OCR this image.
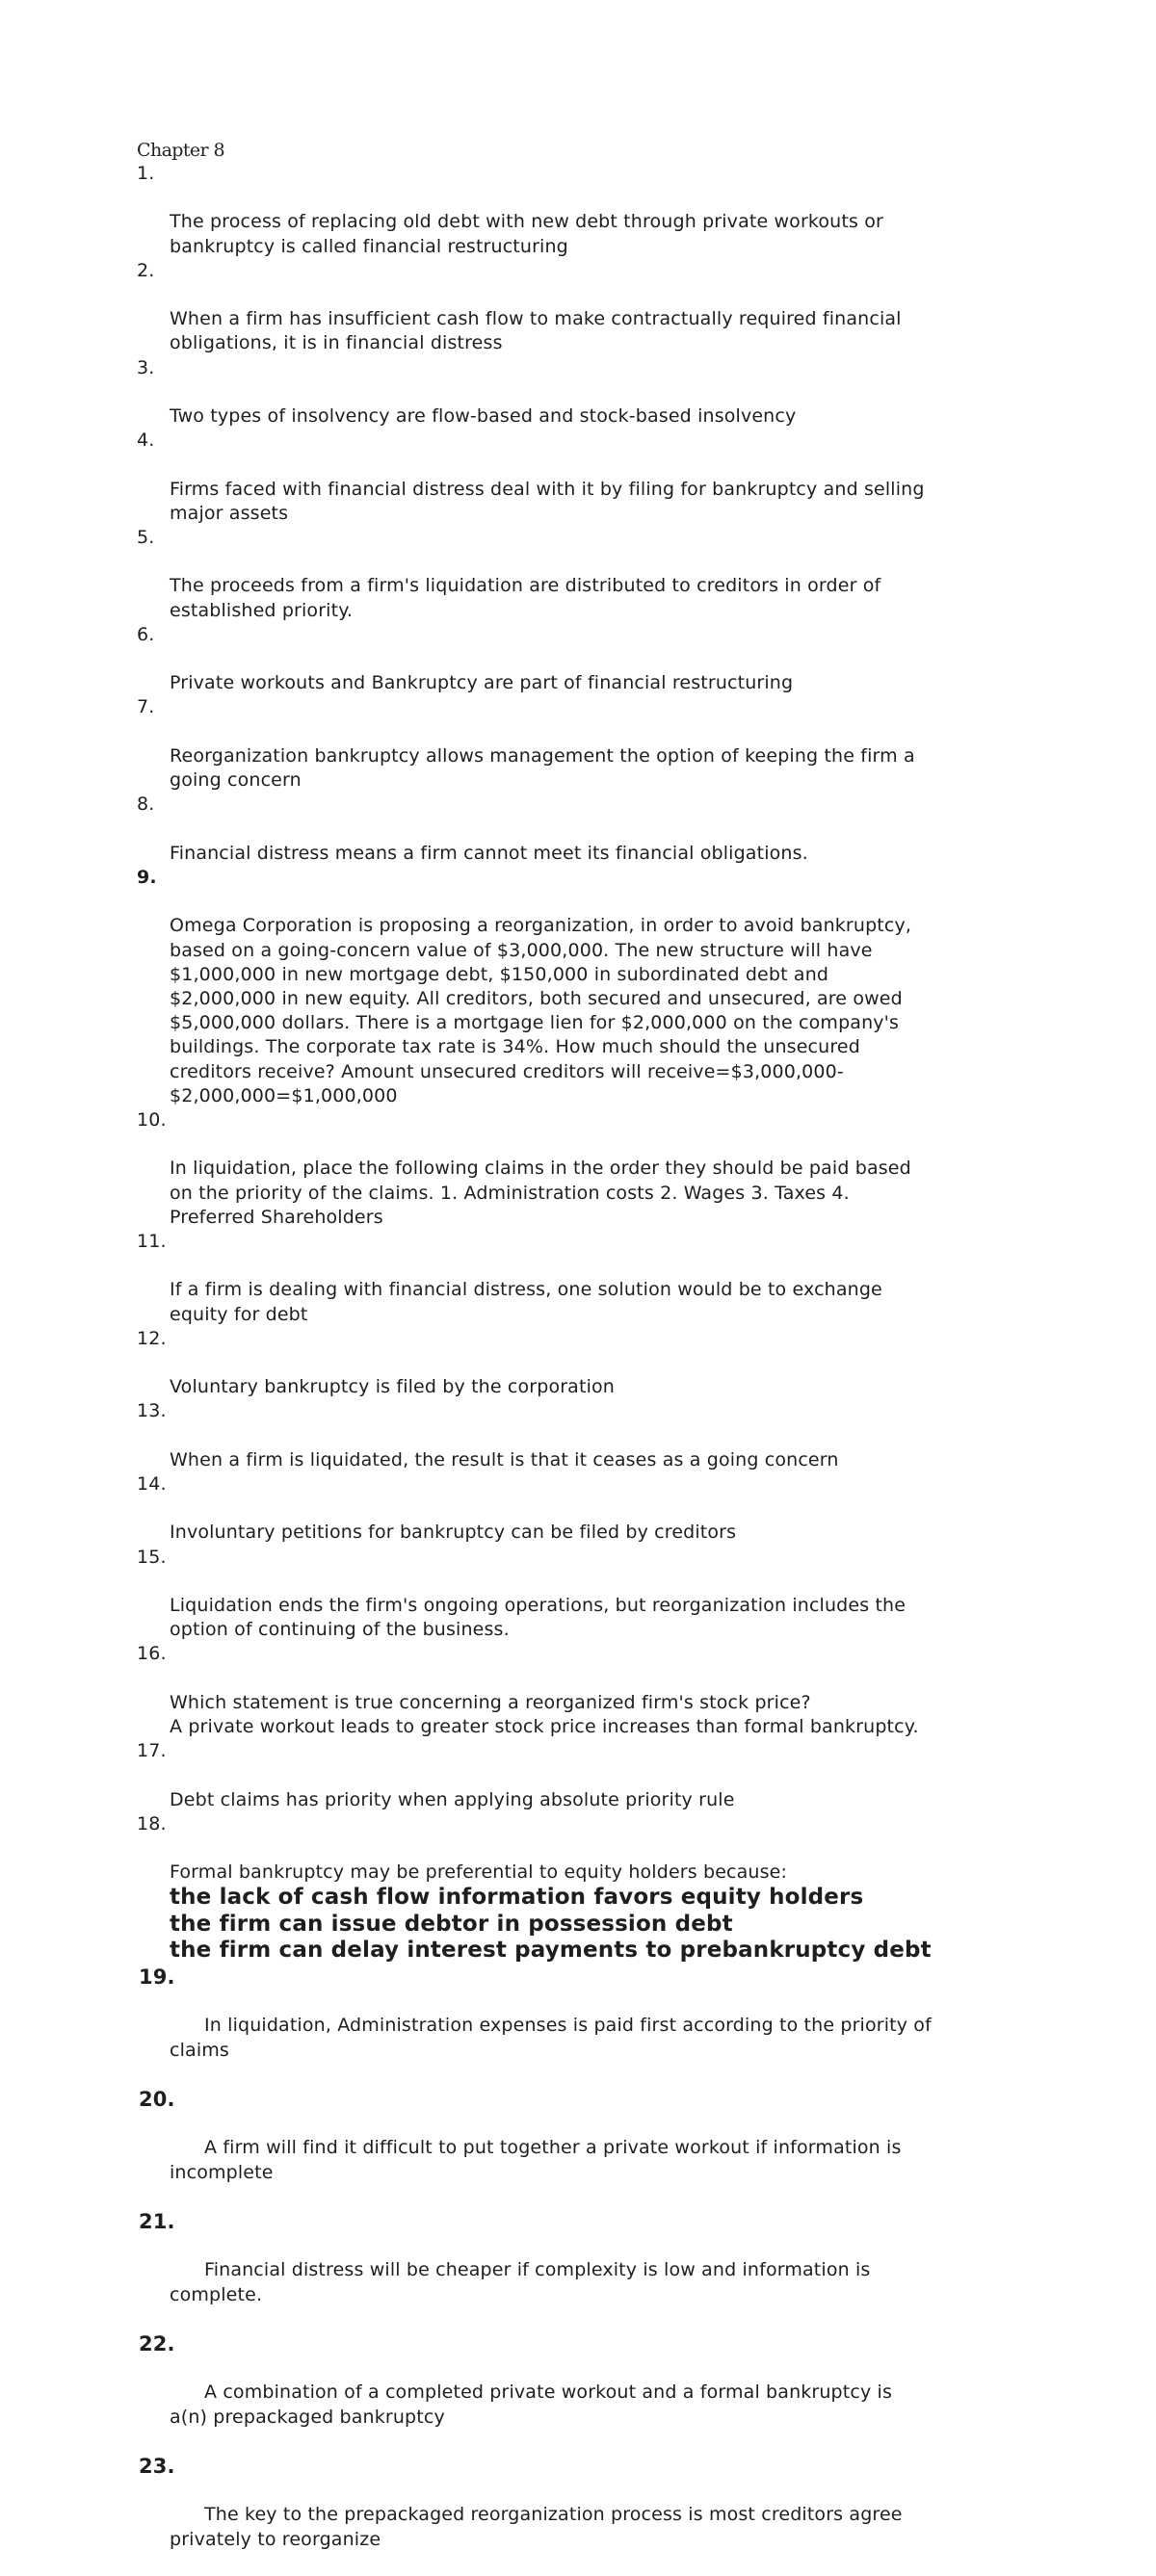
Chapter 8

1.

The process of replacing old debt with new debt through private workouts or
bankruptcy is called financial restructuring

2.

When a firm has insufficient cash flow to make contractually required financial
obligations, it is in financial distress

3.

Two types of insolvency are flow-based and stock-based insolvency

4.

Firms faced with financial distress deal with it by filing for bankruptcy and selling
major assets

5.

The proceeds from a firm's liquidation are distributed to creditors in order of
established priority.

6.

Private workouts and Bankruptcy are part of financial restructuring

7.

Reorganization bankruptcy allows management the option of keeping the firm a
going concern

8.

Financial distress means a firm cannot meet its financial obligations.

9.

Omega Corporation is proposing a reorganization, in order to avoid bankruptcy,
based on a going-concern value of $3,000,000. The new structure will have
$1,000,000 in new mortgage debt, $150,000 in subordinated debt and
$2,000,000 in new equity. All creditors, both secured and unsecured, are owed
$5,000,000 dollars. There is a mortgage lien for $2,000,000 on the company's
buildings. The corporate tax rate is 34%. How much should the unsecured
creditors receive? Amount unsecured creditors will receive=$3,000,000-
$2,000,000=$1,000,000

10.

In liquidation, place the following claims in the order they should be paid based
on the priority of the claims. 1. Administration costs 2. Wages 3. Taxes 4.
Preferred Shareholders

11.

If a firm is dealing with financial distress, one solution would be to exchange
equity for debt

12.

Voluntary bankruptcy is filed by the corporation

13.

When a firm is liquidated, the result is that it ceases as a going concern

14.

Involuntary petitions for bankruptcy can be filed by creditors

15.

Liquidation ends the firm's ongoing operations, but reorganization includes the
option of continuing of the business.

16.

Which statement is true concerning a reorganized firm's stock price?
A private workout leads to greater stock price increases than formal bankruptcy.

17.

Debt claims has priority when applying absolute priority rule

18.

Formal bankruptcy may be preferential to equity holders because:

the lack of cash flow information favors equity holders
the firm can issue debtor in possession debt
the firm can delay interest payments to prebankruptcy debt

19.

In liquidation, Administration expenses is paid first according to the priority of
claims

20.

A firm will find it difficult to put together a private workout if information is
incomplete

21.

Financial distress will be cheaper if complexity is low and information is
complete.

22.

A combination of a completed private workout and a formal bankruptcy is
a(n) prepackaged bankruptcy

23.

The key to the prepackaged reorganization process is most creditors agree
privately to reorganize
